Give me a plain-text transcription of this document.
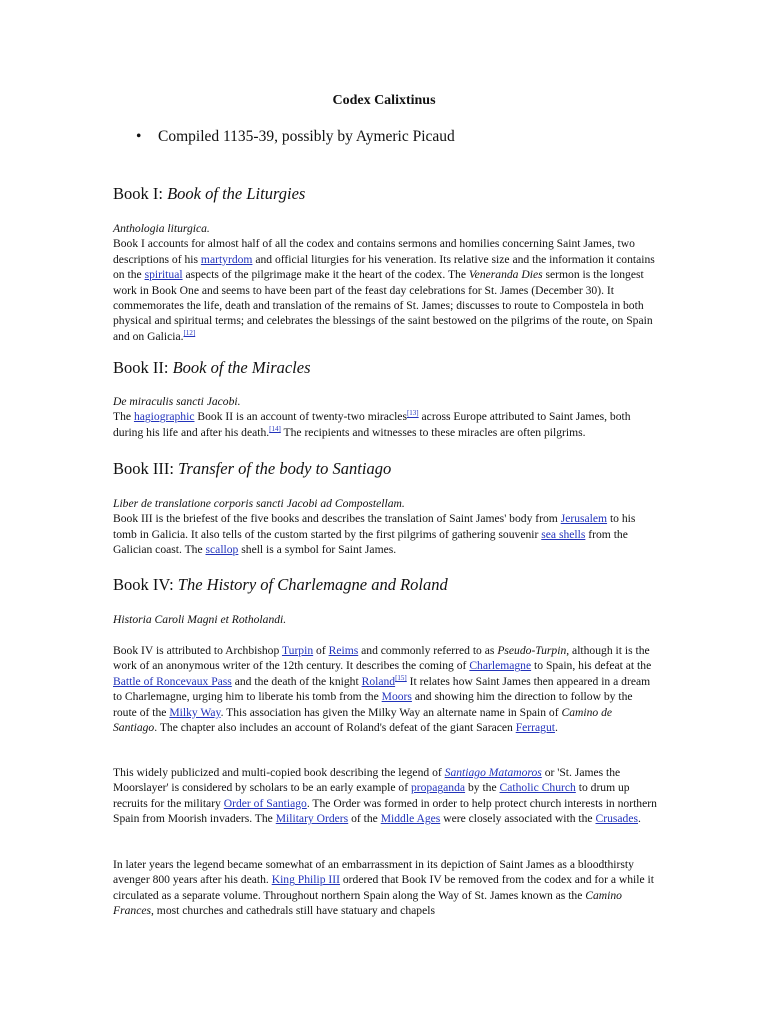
Codex Calixtinus
• Compiled 1135-39, possibly by Aymeric Picaud
Book I: Book of the Liturgies

Anthologia liturgica.

Book I accounts for almost half of all the codex and contains sermons and homilies concerning Saint James, two descriptions of his martyrdom and official liturgies for his veneration. Its relative size and the information it contains on the spiritual aspects of the pilgrimage make it the heart of the codex. The Veneranda Dies sermon is the longest work in Book One and seems to have been part of the feast day celebrations for St. James (December 30). It commemorates the life, death and translation of the remains of St. James; discusses to route to Compostela in both physical and spiritual terms; and celebrates the blessings of the saint bestowed on the pilgrims of the route, on Spain and on Galicia.[12]

Book II: Book of the Miracles

De miraculis sancti Jacobi.

The hagiographic Book II is an account of twenty-two miracles[13] across Europe attributed to Saint James, both during his life and after his death.[14] The recipients and witnesses to these miracles are often pilgrims.

Book III: Transfer of the body to Santiago

Liber de translatione corporis sancti Jacobi ad Compostellam.

Book III is the briefest of the five books and describes the translation of Saint James' body from Jerusalem to his tomb in Galicia. It also tells of the custom started by the first pilgrims of gathering souvenir sea shells from the Galician coast. The scallop shell is a symbol for Saint James.

Book IV: The History of Charlemagne and Roland

Historia Caroli Magni et Rotholandi.

Book IV is attributed to Archbishop Turpin of Reims and commonly referred to as Pseudo-Turpin, although it is the work of an anonymous writer of the 12th century. It describes the coming of Charlemagne to Spain, his defeat at the Battle of Roncevaux Pass and the death of the knight Roland[15] It relates how Saint James then appeared in a dream to Charlemagne, urging him to liberate his tomb from the Moors and showing him the direction to follow by the route of the Milky Way. This association has given the Milky Way an alternate name in Spain of Camino de Santiago. The chapter also includes an account of Roland's defeat of the giant Saracen Ferragut.

This widely publicized and multi-copied book describing the legend of Santiago Matamoros or 'St. James the Moorslayer' is considered by scholars to be an early example of propaganda by the Catholic Church to drum up recruits for the military Order of Santiago. The Order was formed in order to help protect church interests in northern Spain from Moorish invaders. The Military Orders of the Middle Ages were closely associated with the Crusades.

In later years the legend became somewhat of an embarrassment in its depiction of Saint James as a bloodthirsty avenger 800 years after his death. King Philip III ordered that Book IV be removed from the codex and for a while it circulated as a separate volume. Throughout northern Spain along the Way of St. James known as the Camino Frances, most churches and cathedrals still have statuary and chapels
